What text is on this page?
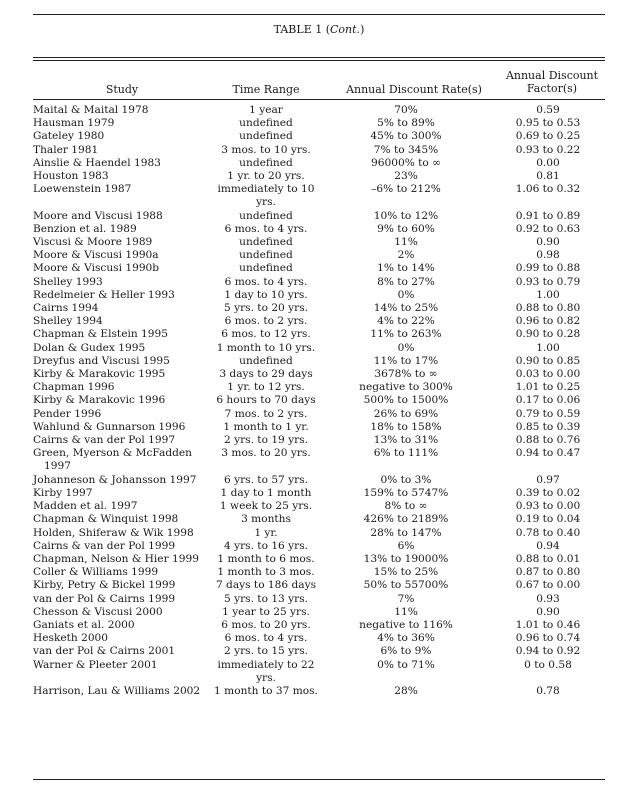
TABLE 1 (Cont.)
Study	Time Range	Annual Discount Rate(s)
Annual Discount
Factor(s)
Maital & Maital 1978	1 year	70%	0.59

Hausman 1979	undefined	5% to 89%	0.95 to 0.53

Gateley 1980	undefined	45% to 300%	0.69 to 0.25

Thaler 1981	3 mos. to 10 yrs.	7% to 345%	0.93 to 0.22

Ainslie & Haendel 1983	undefined	96000% to ∞	0.00

Houston 1983	1 yr. to 20 yrs.	23%	0.81

Loewenstein 1987	immediately to 10 yrs.	–6% to 212%	1.06 to 0.32

Moore and Viscusi 1988	undefined	10% to 12%	0.91 to 0.89

Benzion et al. 1989	6 mos. to 4 yrs.	9% to 60%	0.92 to 0.63

Viscusi & Moore 1989	undefined	11%	0.90

Moore & Viscusi 1990a	undefined	2%	0.98

Moore & Viscusi 1990b	undefined	1% to 14%	0.99 to 0.88

Shelley 1993	6 mos. to 4 yrs.	8% to 27%	0.93 to 0.79

Redelmeier & Heller 1993	1 day to 10 yrs.	0%	1.00

Cairns 1994	5 yrs. to 20 yrs.	14% to 25%	0.88 to 0.80

Shelley 1994	6 mos. to 2 yrs.	4% to 22%	0.96 to 0.82

Chapman & Elstein 1995	6 mos. to 12 yrs.	11% to 263%	0.90 to 0.28

Dolan & Gudex 1995	1 month to 10 yrs.	0%	1.00

Dreyfus and Viscusi 1995	undefined	11% to 17%	0.90 to 0.85

Kirby & Marakovic 1995	3 days to 29 days	3678% to ∞	0.03 to 0.00

Chapman 1996	1 yr. to 12 yrs.	negative to 300%	1.01 to 0.25

Kirby & Marakovic 1996	6 hours to 70 days	500% to 1500%	0.17 to 0.06

Pender 1996	7 mos. to 2 yrs.	26% to 69%	0.79 to 0.59

Wahlund & Gunnarson 1996	1 month to 1 yr.	18% to 158%	0.85 to 0.39

Cairns & van der Pol 1997	2 yrs. to 19 yrs.	13% to 31%	0.88 to 0.76

Green, Myerson & McFadden 1997	3 mos. to 20 yrs.	6% to 111%	0.94 to 0.47

Johanneson & Johansson 1997	6 yrs. to 57 yrs.	0% to 3%	0.97

Kirby 1997	1 day to 1 month	159% to 5747%	0.39 to 0.02

Madden et al. 1997	1 week to 25 yrs.	8% to ∞	0.93 to 0.00

Chapman & Winquist 1998	3 months	426% to 2189%	0.19 to 0.04

Holden, Shiferaw & Wik 1998	1 yr.	28% to 147%	0.78 to 0.40

Cairns & van der Pol 1999	4 yrs. to 16 yrs.	6%	0.94

Chapman, Nelson & Hier 1999	1 month to 6 mos.	13% to 19000%	0.88 to 0.01

Coller & Williams 1999	1 month to 3 mos.	15% to 25%	0.87 to 0.80

Kirby, Petry & Bickel 1999	7 days to 186 days	50% to 55700%	0.67 to 0.00

van der Pol & Cairns 1999	5 yrs. to 13 yrs.	7%	0.93

Chesson & Viscusi 2000	1 year to 25 yrs.	11%	0.90

Ganiats et al. 2000	6 mos. to 20 yrs.	negative to 116%	1.01 to 0.46

Hesketh 2000	6 mos. to 4 yrs.	4% to 36%	0.96 to 0.74

van der Pol & Cairns 2001	2 yrs. to 15 yrs.	6% to 9%	0.94 to 0.92

Warner & Pleeter 2001	immediately to 22 yrs.	0% to 71%	0 to 0.58

Harrison, Lau & Williams 2002	1 month to 37 mos.	28%	0.78
